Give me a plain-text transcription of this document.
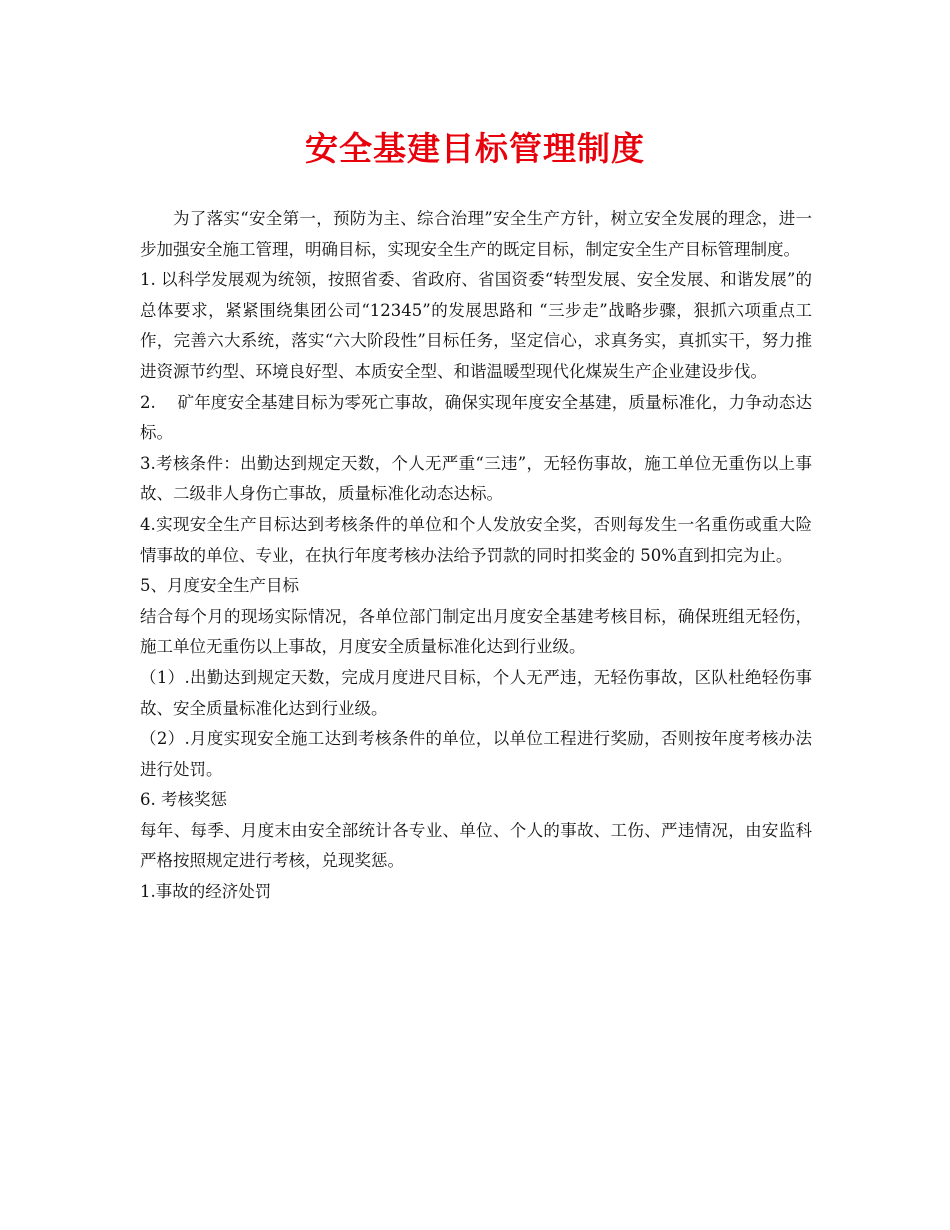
安全基建目标管理制度

为了落实“安全第一，预防为主、综合治理”安全生产方针，树立安全发展的理念，进一步加强安全施工管理，明确目标，实现安全生产的既定目标，制定安全生产目标管理制度。

1. 以科学发展观为统领，按照省委、省政府、省国资委“转型发展、安全发展、和谐发展”的总体要求，紧紧围绕集团公司“12345”的发展思路和 “三步走”战略步骤，狠抓六项重点工作，完善六大系统，落实“六大阶段性”目标任务，坚定信心，求真务实，真抓实干，努力推进资源节约型、环境良好型、本质安全型、和谐温暖型现代化煤炭生产企业建设步伐。

2.    矿年度安全基建目标为零死亡事故，确保实现年度安全基建，质量标准化，力争动态达标。

3.考核条件：出勤达到规定天数，个人无严重“三违”，无轻伤事故，施工单位无重伤以上事故、二级非人身伤亡事故，质量标准化动态达标。

4.实现安全生产目标达到考核条件的单位和个人发放安全奖，否则每发生一名重伤或重大险情事故的单位、专业，在执行年度考核办法给予罚款的同时扣奖金的 50%直到扣完为止。

5、月度安全生产目标

结合每个月的现场实际情况，各单位部门制定出月度安全基建考核目标，确保班组无轻伤，施工单位无重伤以上事故，月度安全质量标准化达到行业级。

（1）.出勤达到规定天数，完成月度进尺目标，个人无严违，无轻伤事故，区队杜绝轻伤事故、安全质量标准化达到行业级。

（2）.月度实现安全施工达到考核条件的单位，以单位工程进行奖励，否则按年度考核办法进行处罚。

6. 考核奖惩

每年、每季、月度末由安全部统计各专业、单位、个人的事故、工伤、严违情况，由安监科严格按照规定进行考核，兑现奖惩。

1.事故的经济处罚
